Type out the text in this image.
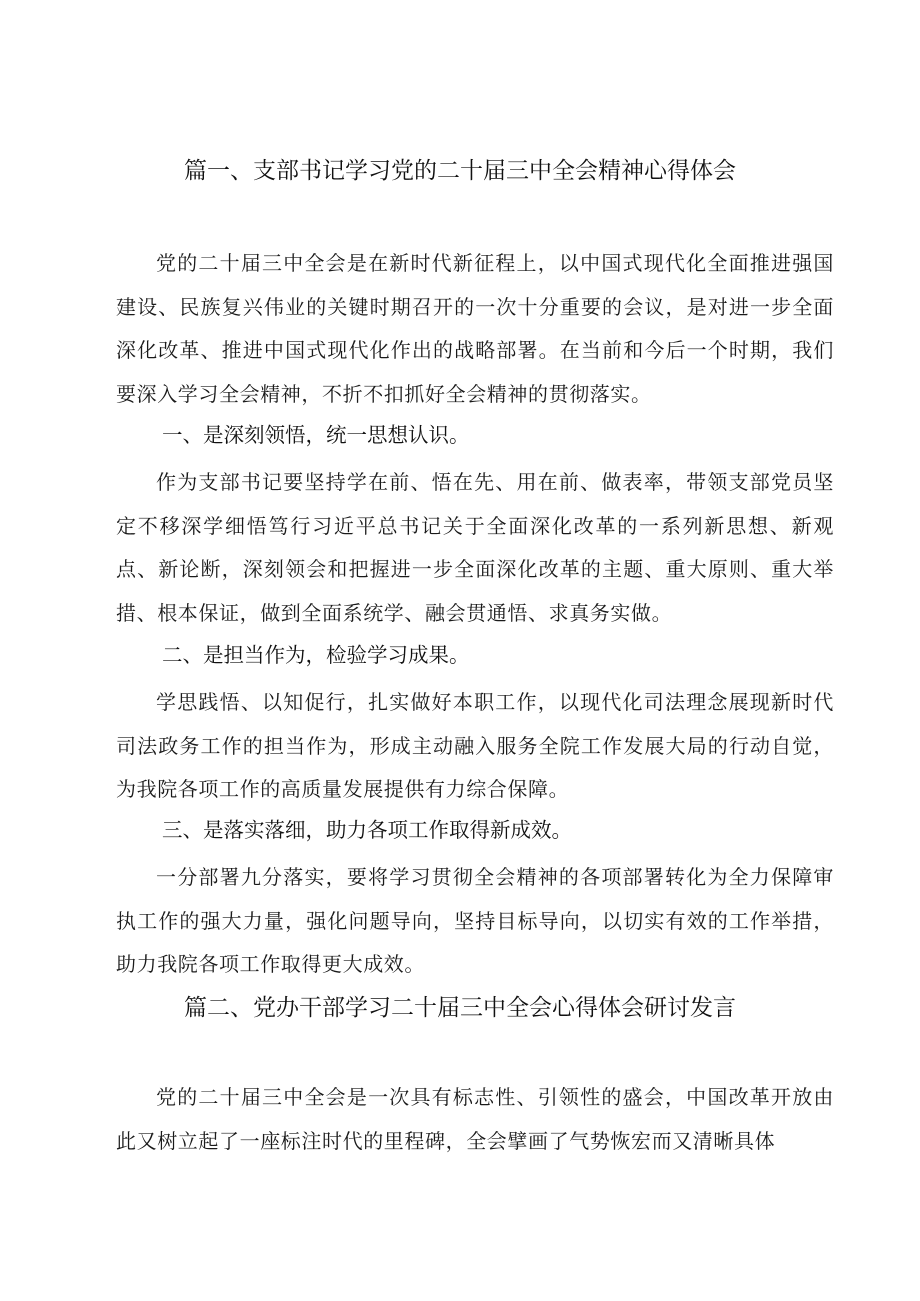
篇一、支部书记学习党的二十届三中全会精神心得体会

党的二十届三中全会是在新时代新征程上，以中国式现代化全面推进强国建设、民族复兴伟业的关键时期召开的一次十分重要的会议，是对进一步全面深化改革、推进中国式现代化作出的战略部署。在当前和今后一个时期，我们要深入学习全会精神，不折不扣抓好全会精神的贯彻落实。

一、是深刻领悟，统一思想认识。

作为支部书记要坚持学在前、悟在先、用在前、做表率，带领支部党员坚定不移深学细悟笃行习近平总书记关于全面深化改革的一系列新思想、新观点、新论断，深刻领会和把握进一步全面深化改革的主题、重大原则、重大举措、根本保证，做到全面系统学、融会贯通悟、求真务实做。

二、是担当作为，检验学习成果。

学思践悟、以知促行，扎实做好本职工作，以现代化司法理念展现新时代司法政务工作的担当作为，形成主动融入服务全院工作发展大局的行动自觉，为我院各项工作的高质量发展提供有力综合保障。

三、是落实落细，助力各项工作取得新成效。

一分部署九分落实，要将学习贯彻全会精神的各项部署转化为全力保障审执工作的强大力量，强化问题导向，坚持目标导向，以切实有效的工作举措，助力我院各项工作取得更大成效。

篇二、党办干部学习二十届三中全会心得体会研讨发言

党的二十届三中全会是一次具有标志性、引领性的盛会，中国改革开放由此又树立起了一座标注时代的里程碑，全会擘画了气势恢宏而又清晰具体
